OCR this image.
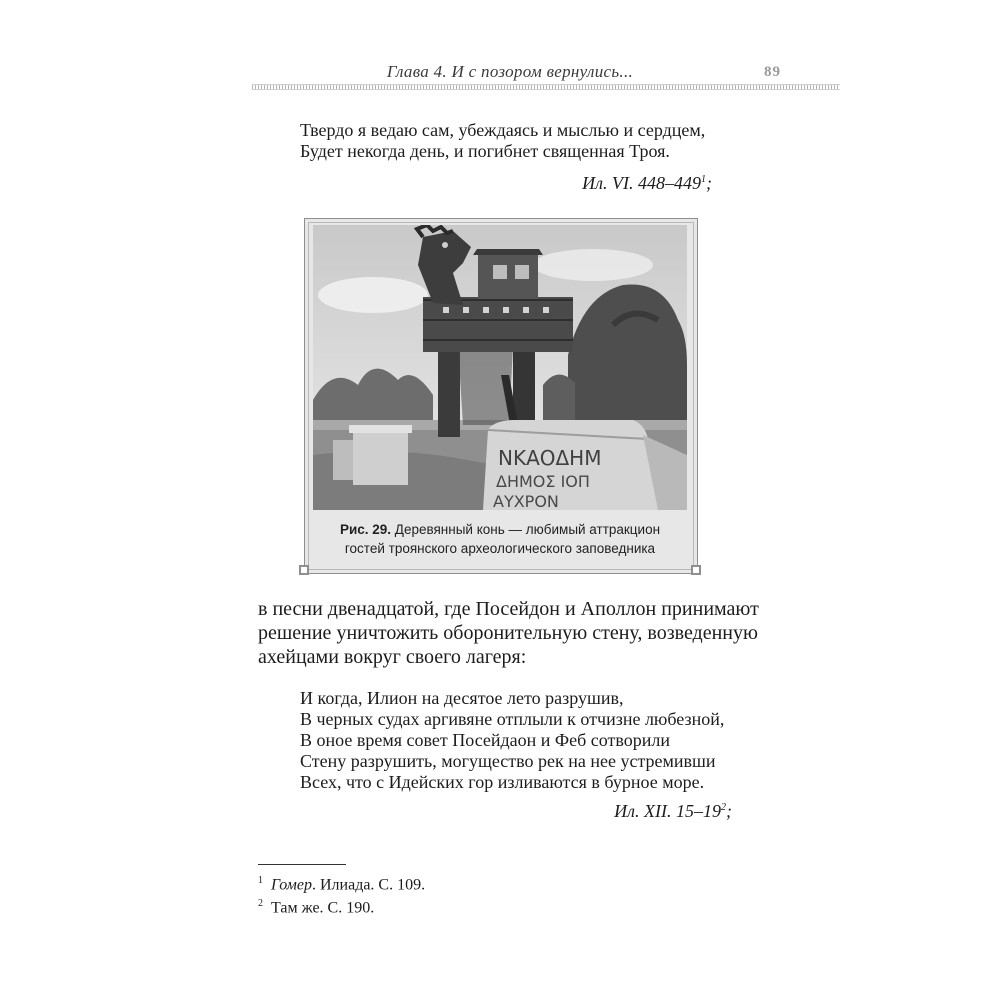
Глава 4. И с позором вернулись...	89
Твердо я ведаю сам, убеждаясь и мыслью и сердцем,
Будет некогда день, и погибнет священная Троя.
Ил. VI. $448-449^1$;
ΝΚΑΟΔΗΜ
ΔΗΜΟΣ ΙΟΠ
ΑΥΧΡΟΝ
Рис. 29. Деревянный конь — любимый аттракцион
гостей троянского археологического заповедника
в песни двенадцатой, где Посейдон и Аполлон принимают
решение уничтожить оборонительную стену, возведенную
ахейцами вокруг своего лагеря:
И когда, Илион на десятое лето разрушив,
В черных судах аргивяне отплыли к отчизне любезной,
В оное время совет Посейдаон и Феб сотворили
Стену разрушить, могущество рек на нее устремивши
Всех, что с Идейских гор изливаются в бурное море.
Ил. XII. $15-19^2$;
$^1$ Гомер. Илиада. С. 109.
$^2$ Там же. С. 190.
